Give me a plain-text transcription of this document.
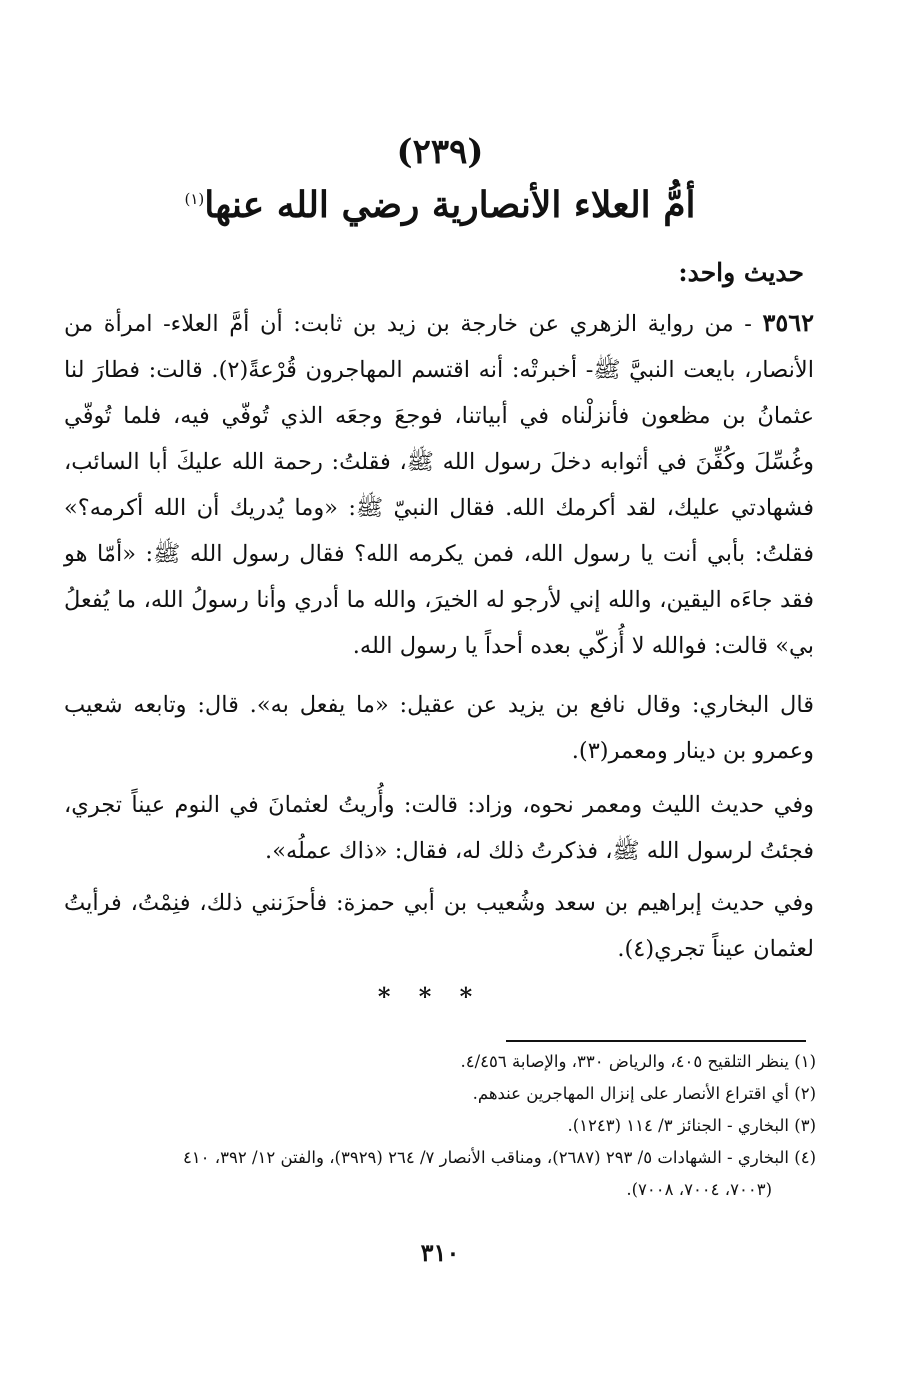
(٢٣٩)
أمُّ العلاء الأنصارية رضي الله عنها$^{(١)}$
حديث واحد:
٣٥٦٢ - من رواية الزهري عن خارجة بن زيد بن ثابت: أن أمَّ العلاء- امرأة من الأنصار، بايعت النبيَّ ﷺ- أخبرتْه: أنه اقتسم المهاجرون قُرْعةً(٢). قالت: فطارَ لنا عثمانُ بن مظعون فأنزلْناه في أبياتنا، فوجعَ وجعَه الذي تُوفّي فيه، فلما تُوفّي وغُسِّلَ وكُفِّنَ في أثوابه دخلَ رسول الله ﷺ، فقلتُ: رحمة الله عليكَ أبا السائب، فشهادتي عليك، لقد أكرمك الله. فقال النبيّ ﷺ: «وما يُدريك أن الله أكرمه؟» فقلتُ: بأبي أنت يا رسول الله، فمن يكرمه الله؟ فقال رسول الله ﷺ: «أمّا هو فقد جاءَه اليقين، والله إني لأرجو له الخيرَ، والله ما أدري وأنا رسولُ الله، ما يُفعلُ بي» قالت: فوالله لا أُزكّي بعده أحداً يا رسول الله.
قال البخاري: وقال نافع بن يزيد عن عقيل: «ما يفعل به». قال: وتابعه شعيب وعمرو بن دينار ومعمر(٣).
وفي حديث الليث ومعمر نحوه، وزاد: قالت: وأُريتُ لعثمانَ في النوم عيناً تجري، فجئتُ لرسول الله ﷺ، فذكرتُ ذلك له، فقال: «ذاك عملُه».
وفي حديث إبراهيم بن سعد وشُعيب بن أبي حمزة: فأحزَنني ذلك، فنِمْتُ، فرأيتُ لعثمان عيناً تجري(٤).
* * *

(١) ينظر التلقيح ٤٠٥، والرياض ٣٣٠، والإصابة ٤/٤٥٦.

(٢) أي اقتراع الأنصار على إنزال المهاجرين عندهم.

(٣) البخاري - الجنائز ٣/ ١١٤ (١٢٤٣).

(٤) البخاري - الشهادات ٥/ ٢٩٣ (٢٦٨٧)، ومناقب الأنصار ٧/ ٢٦٤ (٣٩٢٩)، والفتن ١٢/ ٣٩٢، ٤١٠

(٧٠٠٣، ٧٠٠٤، ٧٠٠٨).

٣١٠
